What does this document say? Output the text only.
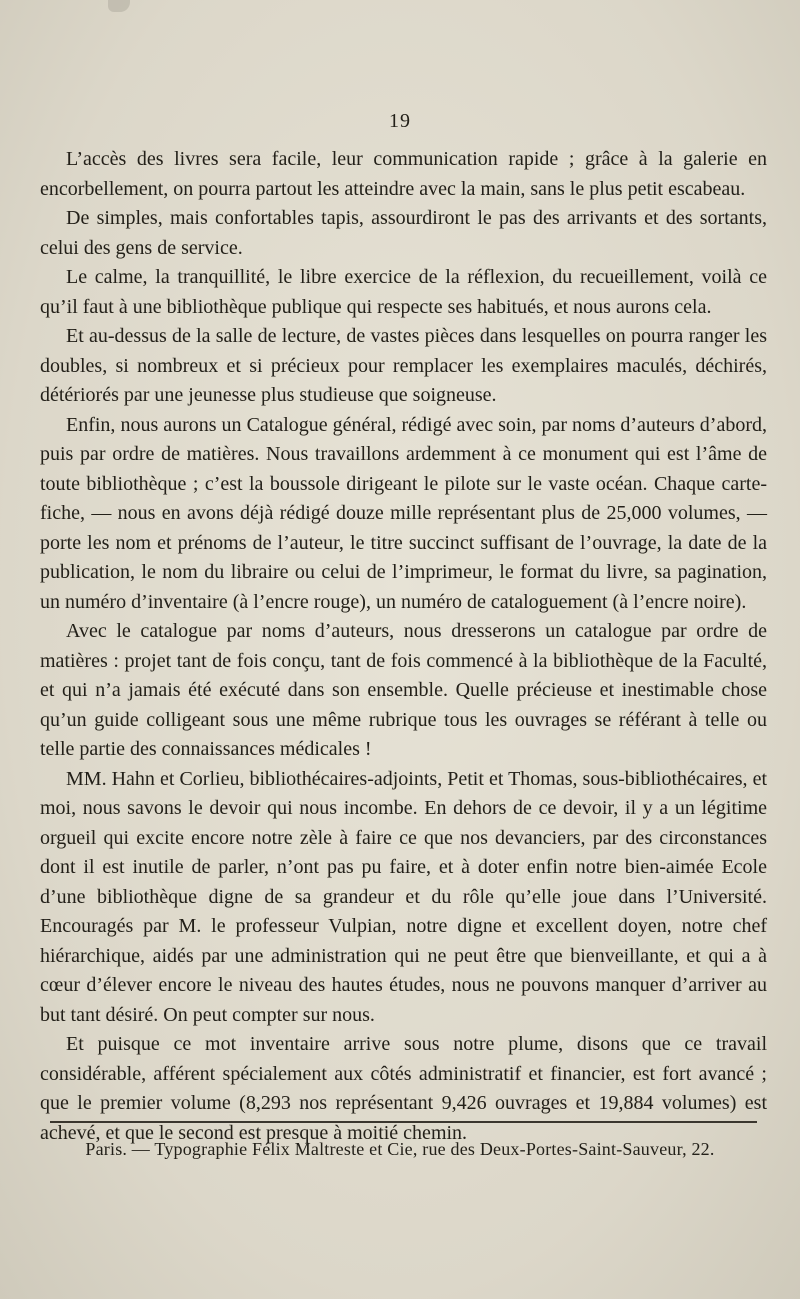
19

L’accès des livres sera facile, leur communication rapide ; grâce à la galerie en encorbellement, on pourra partout les atteindre avec la main, sans le plus petit escabeau.

De simples, mais confortables tapis, assourdiront le pas des arrivants et des sortants, celui des gens de service.

Le calme, la tranquillité, le libre exercice de la réflexion, du recueillement, voilà ce qu’il faut à une bibliothèque publique qui respecte ses habitués, et nous aurons cela.

Et au-dessus de la salle de lecture, de vastes pièces dans lesquelles on pourra ranger les doubles, si nombreux et si précieux pour remplacer les exemplaires maculés, déchirés, détériorés par une jeunesse plus studieuse que soigneuse.

Enfin, nous aurons un Catalogue général, rédigé avec soin, par noms d’auteurs d’abord, puis par ordre de matières. Nous travaillons ardemment à ce monument qui est l’âme de toute bibliothèque ; c’est la boussole dirigeant le pilote sur le vaste océan. Chaque carte-fiche, — nous en avons déjà rédigé douze mille représentant plus de 25,000 volumes, — porte les nom et prénoms de l’auteur, le titre succinct suffisant de l’ouvrage, la date de la publication, le nom du libraire ou celui de l’imprimeur, le format du livre, sa pagination, un numéro d’inventaire (à l’encre rouge), un numéro de cataloguement (à l’encre noire).

Avec le catalogue par noms d’auteurs, nous dresserons un catalogue par ordre de matières : projet tant de fois conçu, tant de fois commencé à la bibliothèque de la Faculté, et qui n’a jamais été exécuté dans son ensemble. Quelle précieuse et inestimable chose qu’un guide colligeant sous une même rubrique tous les ouvrages se référant à telle ou telle partie des connaissances médicales !

MM. Hahn et Corlieu, bibliothécaires-adjoints, Petit et Thomas, sous-bibliothécaires, et moi, nous savons le devoir qui nous incombe. En dehors de ce devoir, il y a un légitime orgueil qui excite encore notre zèle à faire ce que nos devanciers, par des circonstances dont il est inutile de parler, n’ont pas pu faire, et à doter enfin notre bien-aimée Ecole d’une bibliothèque digne de sa grandeur et du rôle qu’elle joue dans l’Université. Encouragés par M. le professeur Vulpian, notre digne et excellent doyen, notre chef hiérarchique, aidés par une administration qui ne peut être que bienveillante, et qui a à cœur d’élever encore le niveau des hautes études, nous ne pouvons manquer d’arriver au but tant désiré. On peut compter sur nous.

Et puisque ce mot inventaire arrive sous notre plume, disons que ce travail considérable, afférent spécialement aux côtés administratif et financier, est fort avancé ; que le premier volume (8,293 nos représentant 9,426 ouvrages et 19,884 volumes) est achevé, et que le second est presque à moitié chemin.

Paris. — Typographie Félix Maltreste et Cie, rue des Deux-Portes-Saint-Sauveur, 22.
